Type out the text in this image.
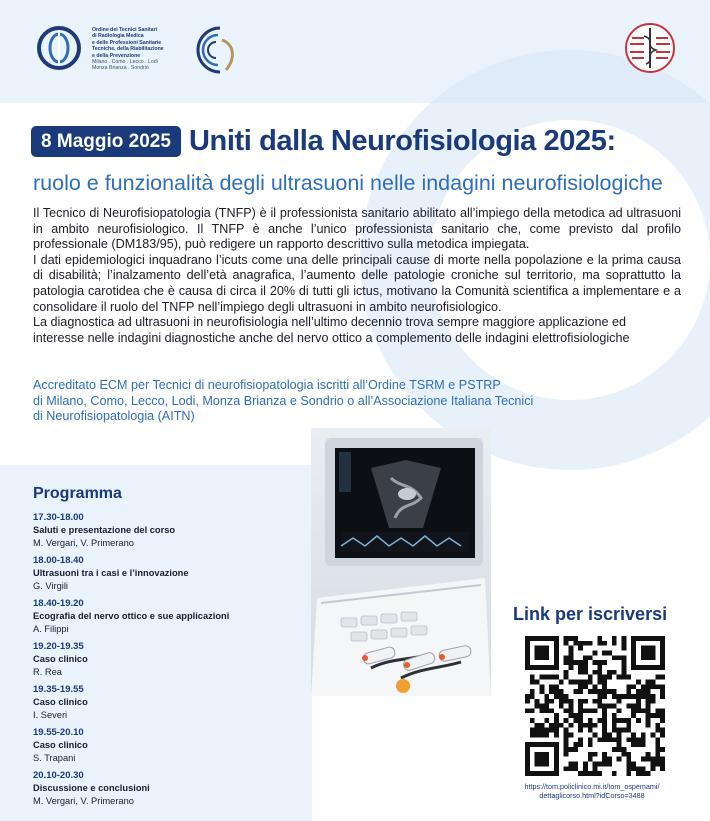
Ordine dei Tecnici Sanitari
di Radiologia Medica
e delle Professioni Sanitarie
Tecniche, della Riabilitazione
e della Prevenzione
Milano . Como . Lecco . Lodi
Monza Brianza . Sondrio
8 Maggio 2025 Uniti dalla Neurofisiologia 2025:
ruolo e funzionalità degli ultrasuoni nelle indagini neurofisiologiche

Il Tecnico di Neurofisiopatologia (TNFP) è il professionista sanitario abilitato all’impiego della metodica ad ultrasuoni in ambito neurofisiologico. Il TNFP è anche l’unico professionista sanitario che, come previsto dal profilo professionale (DM183/95), può redigere un rapporto descrittivo sulla metodica impiegata.

I dati epidemiologici inquadrano l’icuts come una delle principali cause di morte nella popolazione e la prima causa di disabilità; l’inalzamento dell’età anagrafica, l’aumento delle patologie croniche sul territorio, ma soprattutto la patologia carotidea che è causa di circa il 20% di tutti gli ictus, motivano la Comunità scientifica a implementare e a consolidare il ruolo del TNFP nell’impiego degli ultrasuoni in ambito neurofisiologico.

La diagnostica ad ultrasuoni in neurofisiologia nell’ultimo decennio trova sempre maggiore applicazione ed

interesse nelle indagini diagnostiche anche del nervo ottico a complemento delle indagini elettrofisiologiche

Accreditato ECM per Tecnici di neurofisiopatologia iscritti all’Ordine TSRM e PSTRP
di Milano, Como, Lecco, Lodi, Monza Brianza e Sondrio o all’Associazione Italiana Tecnici
di Neurofisiopatologia (AITN)
Programma
17.30-18.00
Saluti e presentazione del corso
M. Vergari, V. Primerano
18.00-18.40
Ultrasuoni tra i casi e l’innovazione
G. Virgili
18.40-19.20
Ecografia del nervo ottico e sue applicazioni
A. Filippi
19.20-19.35
Caso clinico
R. Rea
19.35-19.55
Caso clinico
I. Severi
19.55-20.10
Caso clinico
S. Trapani
20.10-20.30
Discussione e conclusioni
M. Vergari, V. Primerano
Link per iscriversi
https://tom.policlinico.mi.it/tom_ospemami/
dettaglicorso.html?idCorso=3488
